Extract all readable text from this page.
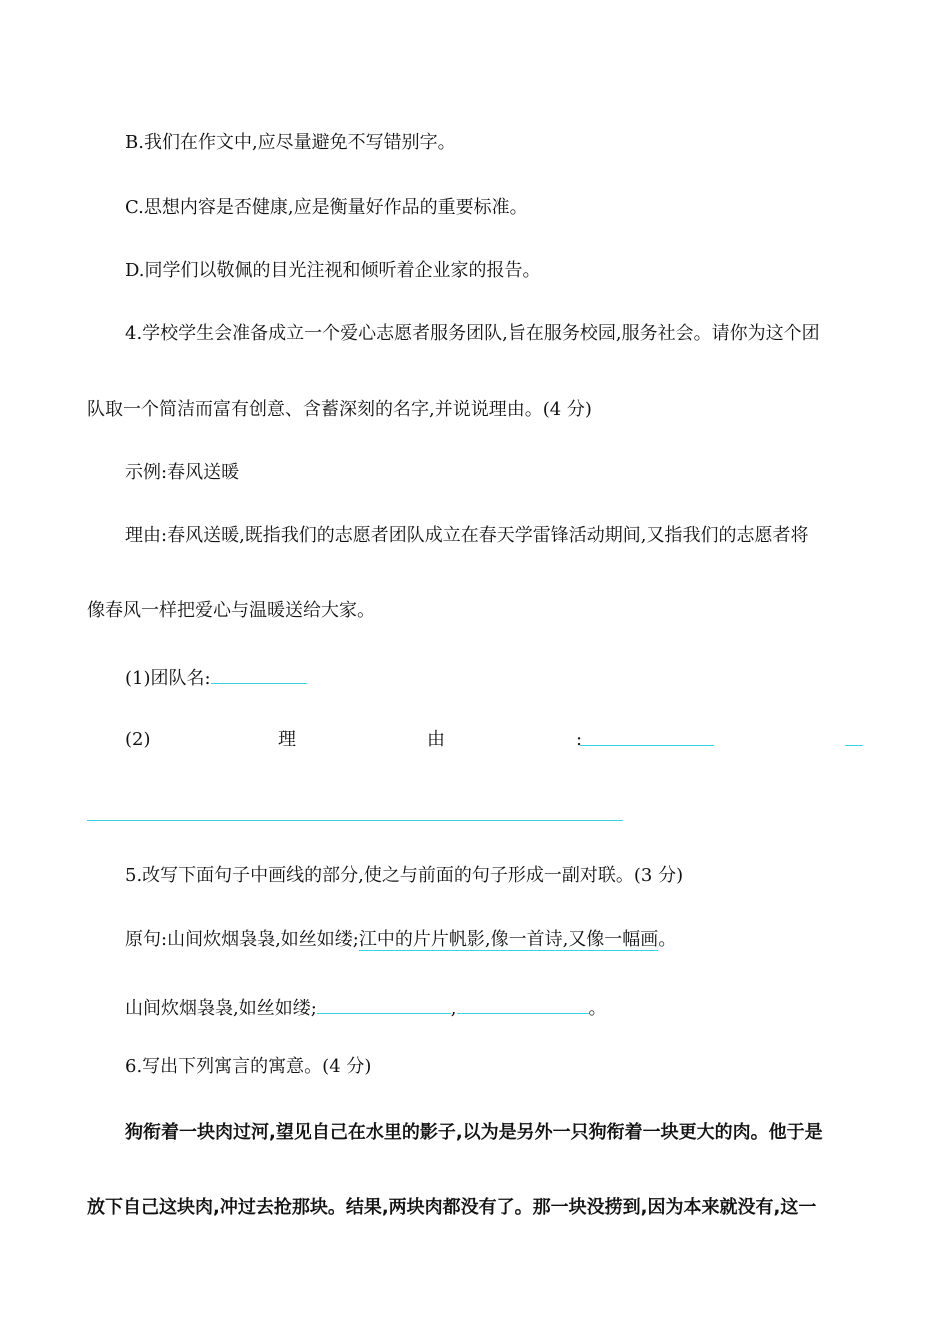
B.我们在作文中,应尽量避免不写错别字。
C.思想内容是否健康,应是衡量好作品的重要标准。
D.同学们以敬佩的目光注视和倾听着企业家的报告。
4.学校学生会准备成立一个爱心志愿者服务团队,旨在服务校园,服务社会。请你为这个团
队取一个简洁而富有创意、含蓄深刻的名字,并说说理由。(4 分)
示例:春风送暖
理由:春风送暖,既指我们的志愿者团队成立在春天学雷锋活动期间,又指我们的志愿者将
像春风一样把爱心与温暖送给大家。
(1)团队名:
(2)	理	由	:
5.改写下面句子中画线的部分,使之与前面的句子形成一副对联。(3 分)
原句:山间炊烟袅袅,如丝如缕;江中的片片帆影,像一首诗,又像一幅画。
山间炊烟袅袅,如丝如缕;	,	。
6.写出下列寓言的寓意。(4 分)
狗衔着一块肉过河,望见自己在水里的影子,以为是另外一只狗衔着一块更大的肉。他于是
放下自己这块肉,冲过去抢那块。结果,两块肉都没有了。那一块没捞到,因为本来就没有,这一
